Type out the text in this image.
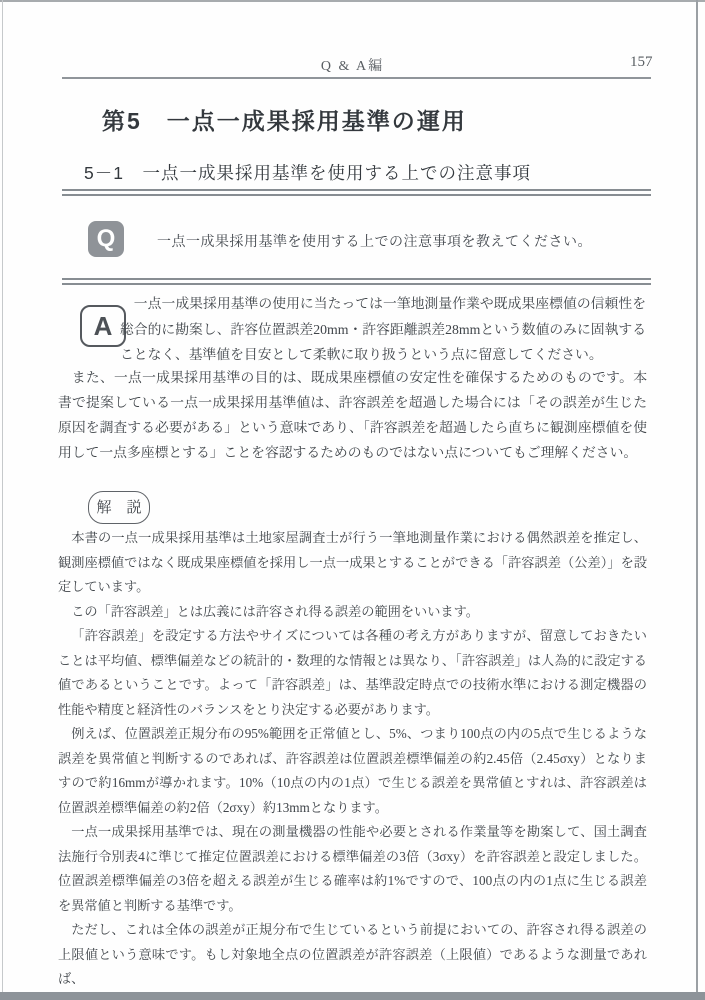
Q & A編	157
第5　一点一成果採用基準の運用
5－1　一点一成果採用基準を使用する上での注意事項
Q	一点一成果採用基準を使用する上での注意事項を教えてください。

A

一点一成果採用基準の使用に当たっては一筆地測量作業や既成果座標値の信頼性を総合的に勘案し、許容位置誤差20mm・許容距離誤差28mmという数値のみに固執することなく、基準値を目安として柔軟に取り扱うという点に留意してください。

また、一点一成果採用基準の目的は、既成果座標値の安定性を確保するためのものです。本書で提案している一点一成果採用基準値は、許容誤差を超過した場合には「その誤差が生じた原因を調査する必要がある」という意味であり、「許容誤差を超過したら直ちに観測座標値を使用して一点多座標とする」ことを容認するためのものではない点についてもご理解ください。

解　説

本書の一点一成果採用基準は土地家屋調査士が行う一筆地測量作業における偶然誤差を推定し、観測座標値ではなく既成果座標値を採用し一点一成果とすることができる「許容誤差（公差）」を設定しています。

この「許容誤差」とは広義には許容され得る誤差の範囲をいいます。

「許容誤差」を設定する方法やサイズについては各種の考え方がありますが、留意しておきたいことは平均値、標準偏差などの統計的・数理的な情報とは異なり、「許容誤差」は人為的に設定する値であるということです。よって「許容誤差」は、基準設定時点での技術水準における測定機器の性能や精度と経済性のバランスをとり決定する必要があります。

例えば、位置誤差正規分布の95%範囲を正常値とし、5%、つまり100点の内の5点で生じるような誤差を異常値と判断するのであれば、許容誤差は位置誤差標準偏差の約2.45倍（2.45σxy）となりますので約16mmが導かれます。10%（10点の内の1点）で生じる誤差を異常値とすれは、許容誤差は位置誤差標準偏差の約2倍（2σxy）約13mmとなります。

一点一成果採用基準では、現在の測量機器の性能や必要とされる作業量等を勘案して、国土調査法施行令別表4に準じて推定位置誤差における標準偏差の3倍（3σxy）を許容誤差と設定しました。位置誤差標準偏差の3倍を超える誤差が生じる確率は約1%ですので、100点の内の1点に生じる誤差を異常値と判断する基準です。

ただし、これは全体の誤差が正規分布で生じているという前提においての、許容され得る誤差の上限値という意味です。もし対象地全点の位置誤差が許容誤差（上限値）であるような測量であれば、
